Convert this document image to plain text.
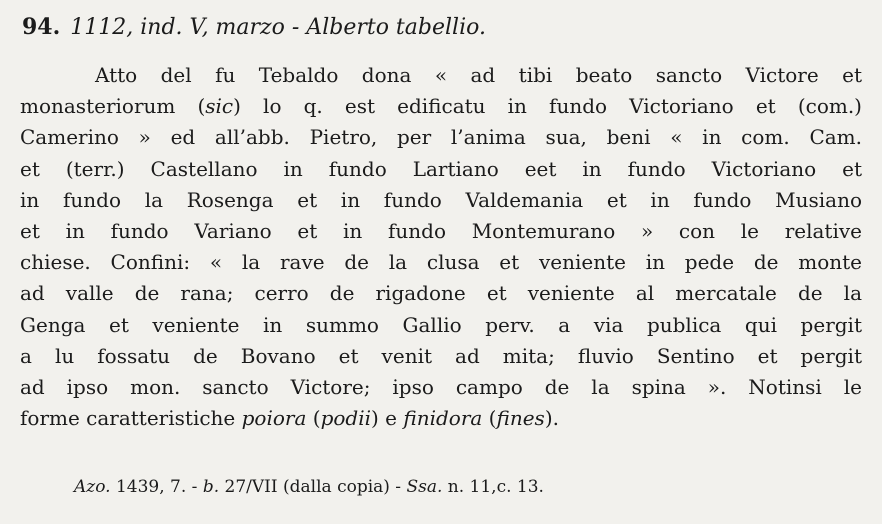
94. 1112, ind. V, marzo - Alberto tabellio.
Atto del fu Tebaldo dona « ad tibi beato sancto Victore et
monasteriorum (sic) lo q. est edificatu in fundo Victoriano et (com.)
Camerino » ed all’abb. Pietro, per l’anima sua, beni « in com. Cam.
et (terr.) Castellano in fundo Lartiano eet in fundo Victoriano et
in fundo la Rosenga et in fundo Valdemania et in fundo Musiano
et in fundo Variano et in fundo Montemurano » con le relative
chiese. Confini: « la rave de la clusa et veniente in pede de monte
ad valle de rana; cerro de rigadone et veniente al mercatale de la
Genga et veniente in summo Gallio perv. a via publica qui pergit
a lu fossatu de Bovano et venit ad mita; fluvio Sentino et pergit
ad ipso mon. sancto Victore; ipso campo de la spina ». Notinsi le
forme caratteristiche poiora (podii) e finidora (fines).
Azo. 1439, 7. - b. 27/VII (dalla copia) - Ssa. n. 11,c. 13.
